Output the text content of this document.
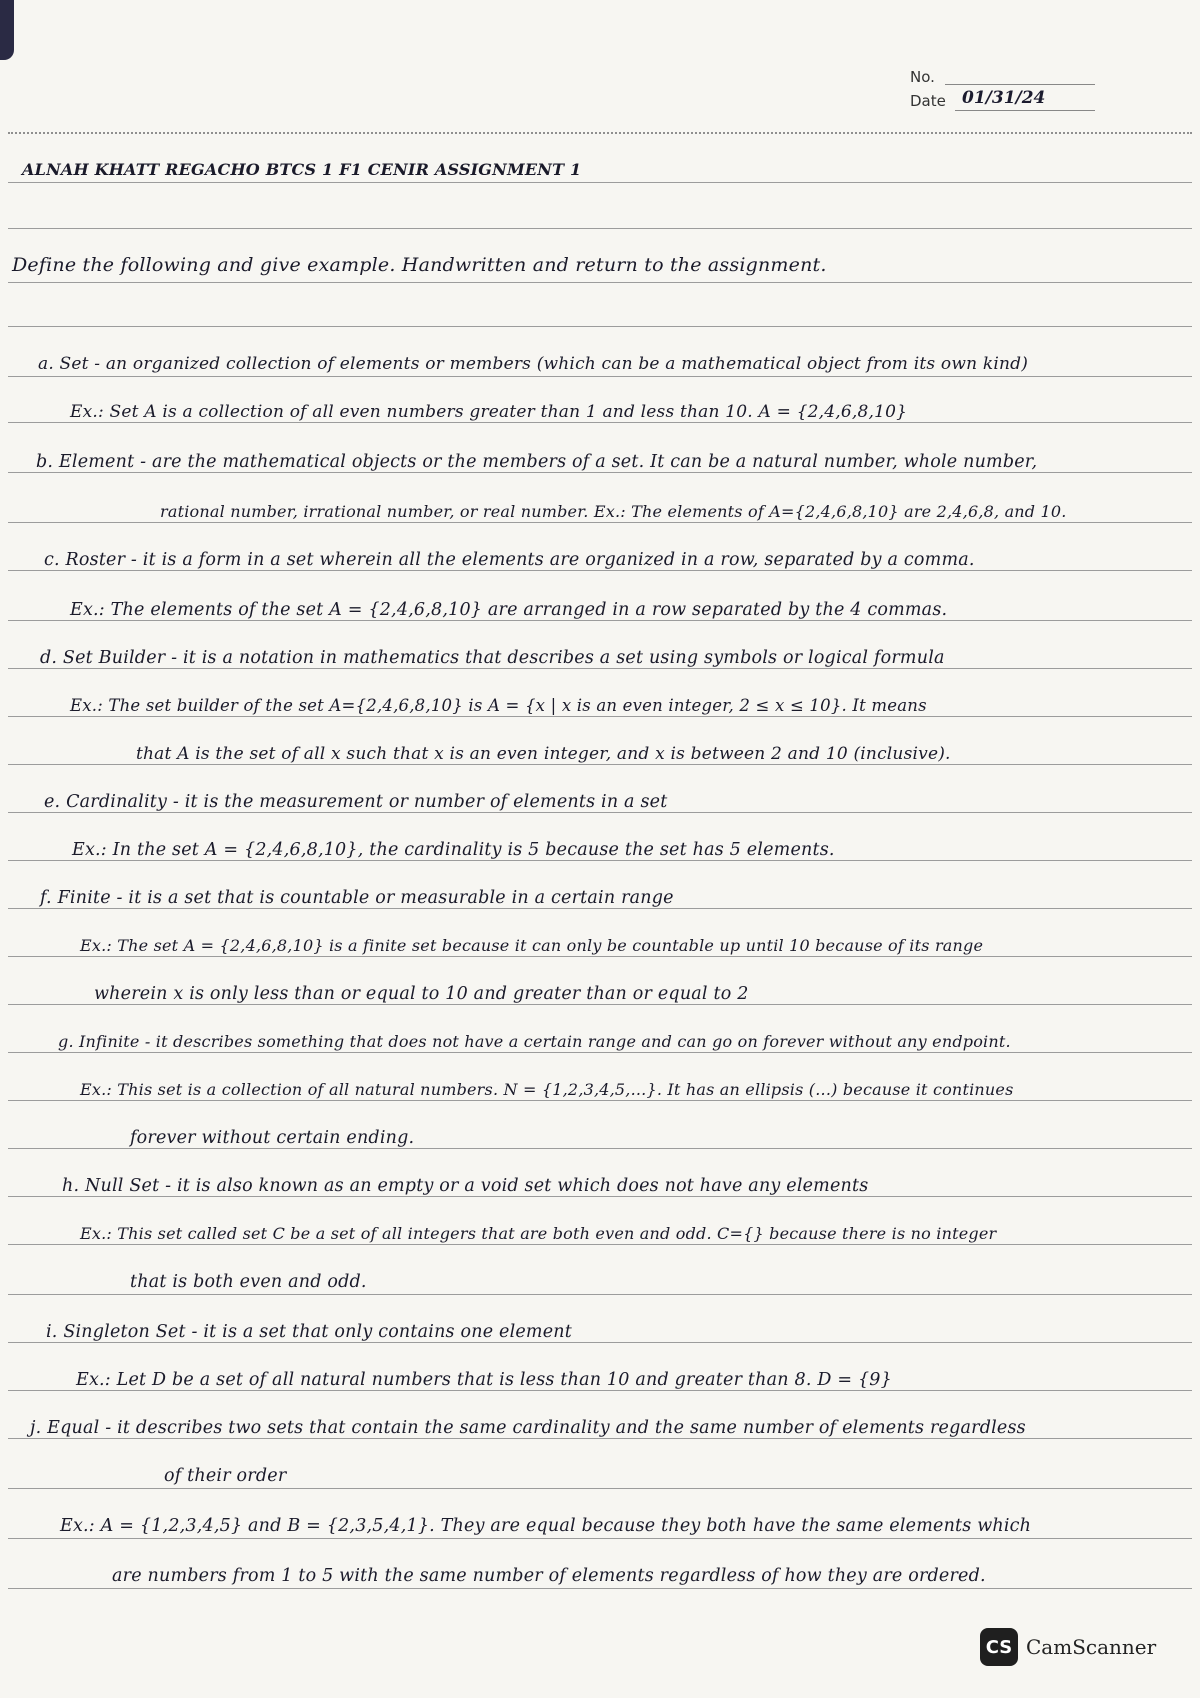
No.
Date 01/31/24
ALNAH KHATT REGACHO BTCS 1 F1 CENIR ASSIGNMENT 1
Define the following and give example. Handwritten and return to the assignment.
a. Set - an organized collection of elements or members (which can be a mathematical object from its own kind)
Ex.: Set A is a collection of all even numbers greater than 1 and less than 10. A = {2,4,6,8,10}
b. Element - are the mathematical objects or the members of a set. It can be a natural number, whole number,
rational number, irrational number, or real number. Ex.: The elements of A={2,4,6,8,10} are 2,4,6,8, and 10.
c. Roster - it is a form in a set wherein all the elements are organized in a row, separated by a comma.
Ex.: The elements of the set A = {2,4,6,8,10} are arranged in a row separated by the 4 commas.
d. Set Builder - it is a notation in mathematics that describes a set using symbols or logical formula
Ex.: The set builder of the set A={2,4,6,8,10} is A = {x | x is an even integer, 2 ≤ x ≤ 10}. It means
that A is the set of all x such that x is an even integer, and x is between 2 and 10 (inclusive).
e. Cardinality - it is the measurement or number of elements in a set
Ex.: In the set A = {2,4,6,8,10}, the cardinality is 5 because the set has 5 elements.
f. Finite - it is a set that is countable or measurable in a certain range
Ex.: The set A = {2,4,6,8,10} is a finite set because it can only be countable up until 10 because of its range
wherein x is only less than or equal to 10 and greater than or equal to 2
g. Infinite - it describes something that does not have a certain range and can go on forever without any endpoint.
Ex.: This set is a collection of all natural numbers. N = {1,2,3,4,5,...}. It has an ellipsis (...) because it continues
forever without certain ending.
h. Null Set - it is also known as an empty or a void set which does not have any elements
Ex.: This set called set C be a set of all integers that are both even and odd. C={} because there is no integer
that is both even and odd.
i. Singleton Set - it is a set that only contains one element
Ex.: Let D be a set of all natural numbers that is less than 10 and greater than 8. D = {9}
j. Equal - it describes two sets that contain the same cardinality and the same number of elements regardless
of their order
Ex.: A = {1,2,3,4,5} and B = {2,3,5,4,1}. They are equal because they both have the same elements which
are numbers from 1 to 5 with the same number of elements regardless of how they are ordered.
CS CamScanner
